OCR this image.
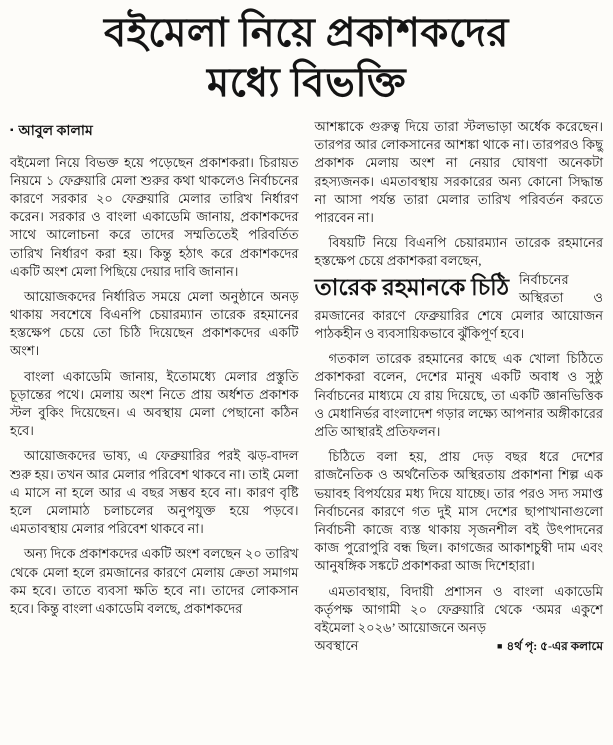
বইমেলা নিয়ে প্রকাশকদের
মধ্যে বিভক্তি
▪ আবুল কালাম

বইমেলা নিয়ে বিভক্ত হয়ে পড়েছেন প্রকাশকরা। চিরায়ত নিয়মে ১ ফেব্রুয়ারি মেলা শুরুর কথা থাকলেও নির্বাচনের কারণে সরকার ২০ ফেব্রুয়ারি মেলার তারিখ নির্ধারণ করেন। সরকার ও বাংলা একাডেমি জানায়, প্রকাশকদের সাথে আলোচনা করে তাদের সম্মতিতেই পরিবর্তিত তারিখ নির্ধারণ করা হয়। কিন্তু হঠাৎ করে প্রকাশকদের একটি অংশ মেলা পিছিয়ে দেয়ার দাবি জানান।

আয়োজকদের নির্ধারিত সময়ে মেলা অনুষ্ঠানে অনড় থাকায় সবশেষে বিএনপি চেয়ারম্যান তারেক রহমানের হস্তক্ষেপ চেয়ে তো চিঠি দিয়েছেন প্রকাশকদের একটি অংশ।

বাংলা একাডেমি জানায়, ইতোমধ্যে মেলার প্রস্তুতি চূড়ান্তের পথে। মেলায় অংশ নিতে প্রায় অর্ধশত প্রকাশক স্টল বুকিং দিয়েছেন। এ অবস্থায় মেলা পেছানো কঠিন হবে।

আয়োজকদের ভাষ্য, এ ফেব্রুয়ারির পরই ঝড়-বাদল শুরু হয়। তখন আর মেলার পরিবেশ থাকবে না। তাই মেলা এ মাসে না হলে আর এ বছর সম্ভব হবে না। কারণ বৃষ্টি হলে মেলামাঠ চলাচলের অনুপযুক্ত হয়ে পড়বে। এমতাবস্থায় মেলার পরিবেশ থাকবে না।

অন্য দিকে প্রকাশকদের একটি অংশ বলছেন ২০ তারিখ থেকে মেলা হলে রমজানের কারণে মেলায় ক্রেতা সমাগম কম হবে। তাতে ব্যবসা ক্ষতি হবে না। তাদের লোকসান হবে। কিন্তু বাংলা একাডেমি বলছে, প্রকাশকদের

আশঙ্কাকে গুরুত্ব দিয়ে তারা স্টলভাড়া অর্ধেক করেছেন। তারপর আর লোকসানের আশঙ্কা থাকে না। তারপরও কিছু প্রকাশক মেলায় অংশ না নেয়ার ঘোষণা অনেকটা রহস্যজনক। এমতাবস্থায় সরকারের অন্য কোনো সিদ্ধান্ত না আসা পর্যন্ত তারা মেলার তারিখ পরিবর্তন করতে পারবেন না।

বিষয়টি নিয়ে বিএনপি চেয়ারম্যান তারেক রহমানের হস্তক্ষেপ চেয়ে প্রকাশকরা বলছেন,

তারেক রহমানকে চিঠি নির্বাচনের অস্থিরতা ও রমজানের কারণে ফেব্রুয়ারির শেষে মেলার আয়োজন পাঠকহীন ও ব্যবসায়িকভাবে ঝুঁকিপূর্ণ হবে।

গতকাল তারেক রহমানের কাছে এক খোলা চিঠিতে প্রকাশকরা বলেন, দেশের মানুষ একটি অবাধ ও সুষ্ঠু নির্বাচনের মাধ্যমে যে রায় দিয়েছে, তা একটি জ্ঞানভিত্তিক ও মেধানির্ভর বাংলাদেশ গড়ার লক্ষ্যে আপনার অঙ্গীকারের প্রতি আস্থারই প্রতিফলন।

চিঠিতে বলা হয়, প্রায় দেড় বছর ধরে দেশের রাজনৈতিক ও অর্থনৈতিক অস্থিরতায় প্রকাশনা শিল্প এক ভয়াবহ বিপর্যয়ের মধ্য দিয়ে যাচ্ছে। তার পরও সদ্য সমাপ্ত নির্বাচনের কারণে গত দুই মাস দেশের ছাপাখানাগুলো নির্বাচনী কাজে ব্যস্ত থাকায় সৃজনশীল বই উৎপাদনের কাজ পুরোপুরি বন্ধ ছিল। কাগজের আকাশচুম্বী দাম এবং আনুষঙ্গিক সঙ্কটে প্রকাশকরা আজ দিশেহারা।

এমতাবস্থায়, বিদায়ী প্রশাসন ও বাংলা একাডেমি কর্তৃপক্ষ আগামী ২০ ফেব্রুয়ারি থেকে ‘অমর একুশে বইমেলা ২০২৬’ আয়োজনে অনড়

অবস্থানে	■ ৪র্থ পৃ: ৫-এর কলামে
